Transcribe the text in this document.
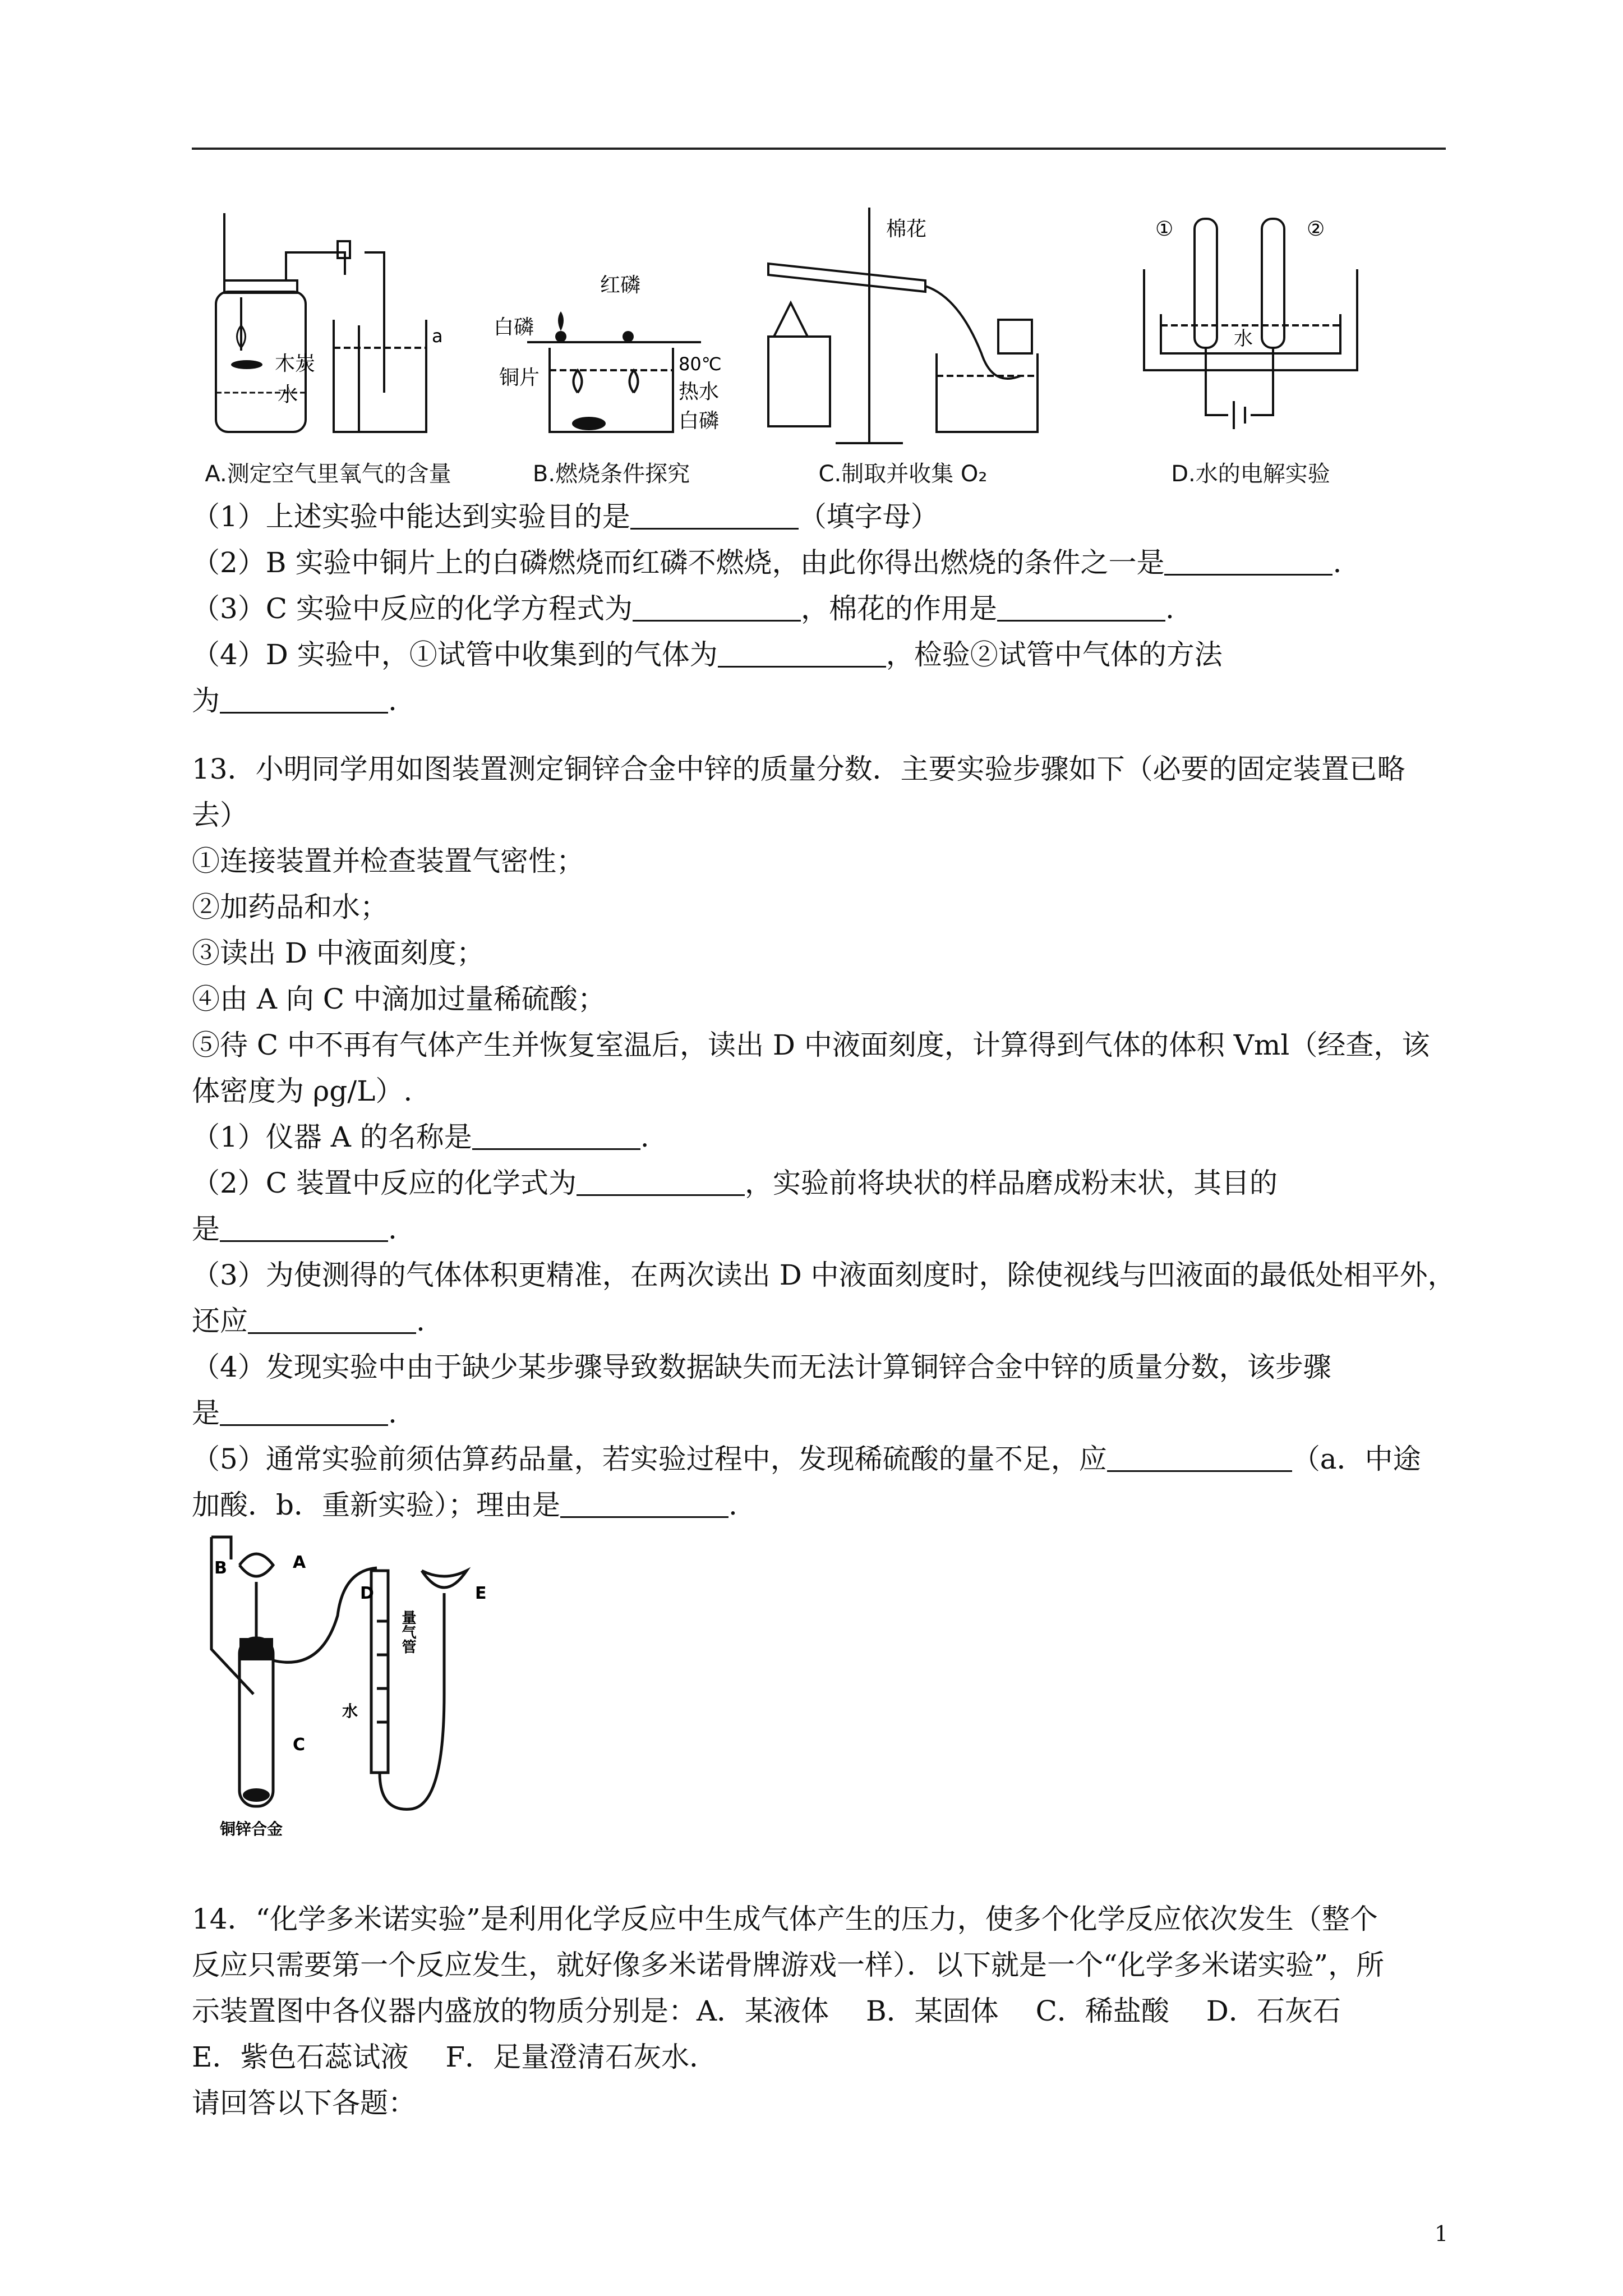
木炭
水
a
A.测定空气里氧气的含量
红磷
白磷
铜片
80℃
热水
白磷
B.燃烧条件探究
棉花
C.制取并收集 O₂
①	②
水
D.水的电解实验
（1）上述实验中能达到实验目的是	（填字母）
（2）B 实验中铜片上的白磷燃烧而红磷不燃烧，由此你得出燃烧的条件之一是	.
（3）C 实验中反应的化学方程式为	，棉花的作用是	.
（4）D 实验中，①试管中收集到的气体为	，检验②试管中气体的方法
为	.
13．小明同学用如图装置测定铜锌合金中锌的质量分数．主要实验步骤如下（必要的固定装置已略
去）
①连接装置并检查装置气密性；
②加药品和水；
③读出 D 中液面刻度；
④由 A 向 C 中滴加过量稀硫酸；
⑤待 C 中不再有气体产生并恢复室温后，读出 D 中液面刻度，计算得到气体的体积 Vml（经查，该
体密度为 ρg/L）.
（1）仪器 A 的名称是	.
（2）C 装置中反应的化学式为	，实验前将块状的样品磨成粉末状，其目的
是	.
（3）为使测得的气体体积更精准，在两次读出 D 中液面刻度时，除使视线与凹液面的最低处相平外，
还应	.
（4）发现实验中由于缺少某步骤导致数据缺失而无法计算铜锌合金中锌的质量分数，该步骤
是	.
（5）通常实验前须估算药品量，若实验过程中，发现稀硫酸的量不足，应	（a．中途
加酸．b．重新实验）；理由是	.
B	A
C
D	E
水
量气管
铜锌合金
14．“化学多米诺实验”是利用化学反应中生成气体产生的压力，使多个化学反应依次发生（整个
反应只需要第一个反应发生，就好像多米诺骨牌游戏一样）．以下就是一个“化学多米诺实验”，所
示装置图中各仪器内盛放的物质分别是：A．某液体　 B．某固体　 C．稀盐酸　 D．石灰石
E．紫色石蕊试液　 F．足量澄清石灰水．
请回答以下各题：
1
